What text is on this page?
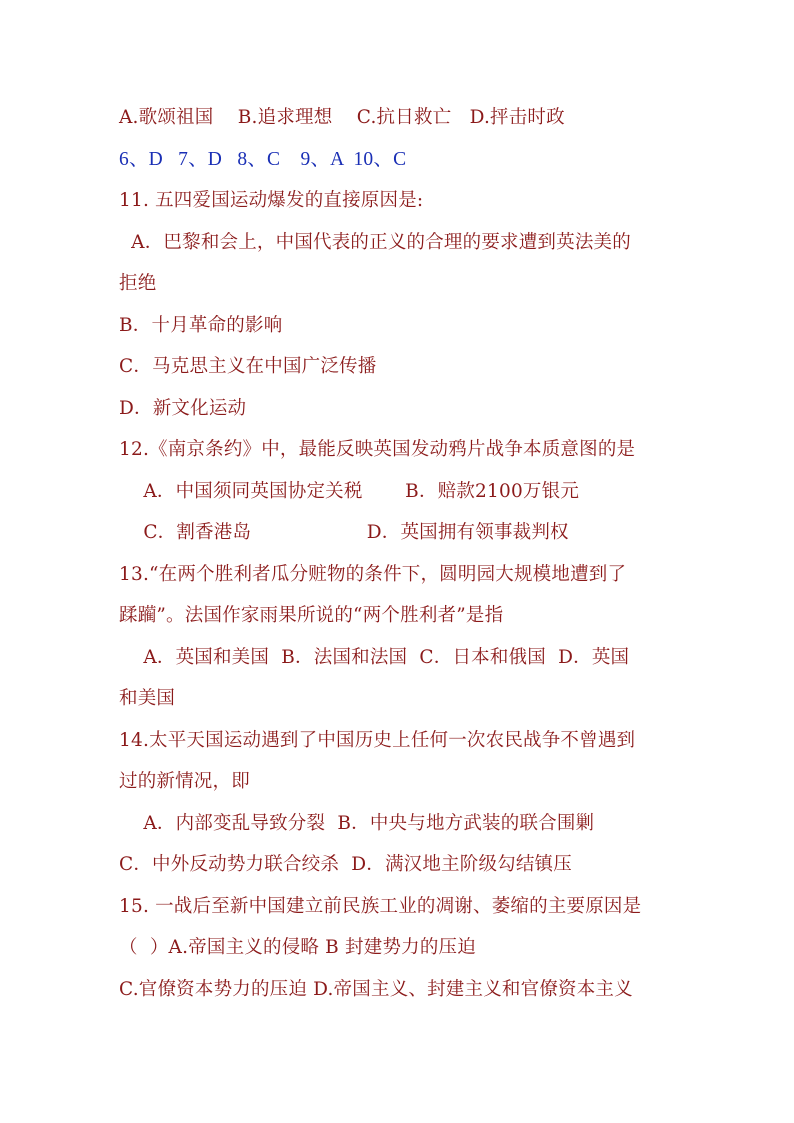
A.歌颂祖国    B.追求理想    C.抗日救亡   D.抨击时政
6、D   7、D   8、C    9、A  10、C
11. 五四爱国运动爆发的直接原因是:
A．巴黎和会上，中国代表的正义的合理的要求遭到英法美的
拒绝
B．十月革命的影响
C．马克思主义在中国广泛传播
D．新文化运动
12.《南京条约》中，最能反映英国发动鸦片战争本质意图的是
A．中国须同英国协定关税       B．赔款2100万银元
C．割香港岛                   D．英国拥有领事裁判权
13.“在两个胜利者瓜分赃物的条件下，圆明园大规模地遭到了
蹂躏”。法国作家雨果所说的“两个胜利者”是指
A．英国和美国  B．法国和法国  C．日本和俄国  D．英国
和美国
14.太平天国运动遇到了中国历史上任何一次农民战争不曾遇到
过的新情况，即
A．内部变乱导致分裂  B．中央与地方武装的联合围剿
C．中外反动势力联合绞杀  D．满汉地主阶级勾结镇压
15. 一战后至新中国建立前民族工业的凋谢、萎缩的主要原因是
（  ）A.帝国主义的侵略 B 封建势力的压迫
C.官僚资本势力的压迫 D.帝国主义、封建主义和官僚资本主义
